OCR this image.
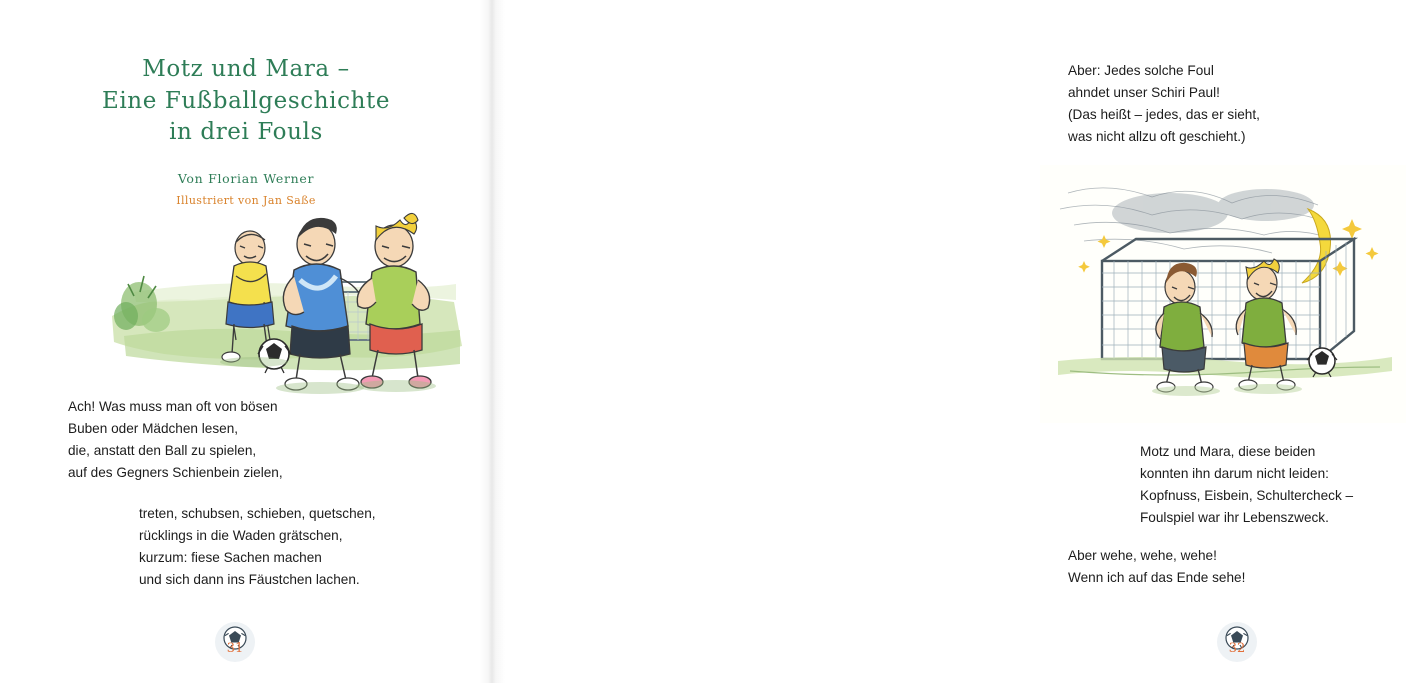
Motz und Mara –
Eine Fußballgeschichte
in drei Fouls
Von Florian Werner
Illustriert von Jan Saße
Ach! Was muss man oft von bösen
Buben oder Mädchen lesen,
die, anstatt den Ball zu spielen,
auf des Gegners Schienbein zielen,
treten, schubsen, schieben, quetschen,
rücklings in die Waden grätschen,
kurzum: fiese Sachen machen
und sich dann ins Fäustchen lachen.
31
Aber: Jedes solche Foul
ahndet unser Schiri Paul!
(Das heißt – jedes, das er sieht,
was nicht allzu oft geschieht.)
Motz und Mara, diese beiden
konnten ihn darum nicht leiden:
Kopfnuss, Eisbein, Schultercheck –
Foulspiel war ihr Lebenszweck.
Aber wehe, wehe, wehe!
Wenn ich auf das Ende sehe!
32
